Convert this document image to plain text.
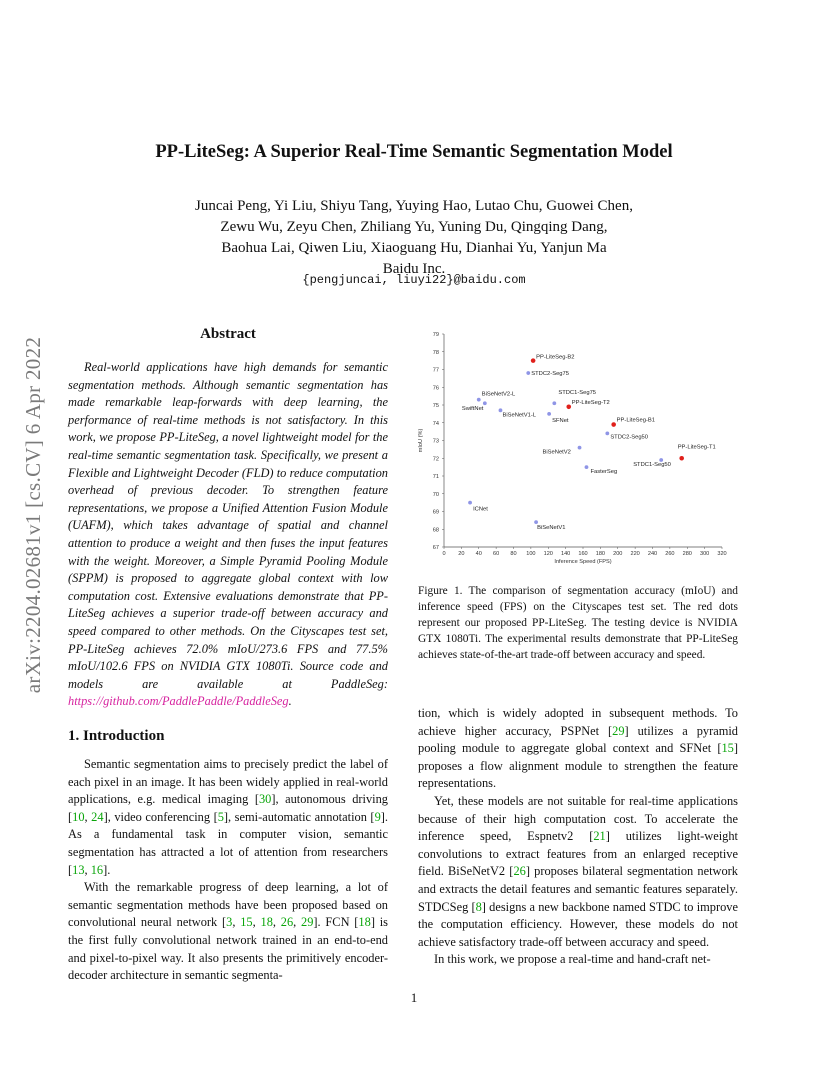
arXiv:2204.02681v1 [cs.CV] 6 Apr 2022
PP-LiteSeg: A Superior Real-Time Semantic Segmentation Model
Juncai Peng, Yi Liu, Shiyu Tang, Yuying Hao, Lutao Chu, Guowei Chen,
Zewu Wu, Zeyu Chen, Zhiliang Yu, Yuning Du, Qingqing Dang,
Baohua Lai, Qiwen Liu, Xiaoguang Hu, Dianhai Yu, Yanjun Ma
Baidu Inc.
{pengjuncai, liuyi22}@baidu.com
Abstract

Real-world applications have high demands for semantic segmentation methods. Although semantic segmentation has made remarkable leap-forwards with deep learning, the performance of real-time methods is not satisfactory. In this work, we propose PP-LiteSeg, a novel lightweight model for the real-time semantic segmentation task. Specifically, we present a Flexible and Lightweight Decoder (FLD) to reduce computation overhead of previous decoder. To strengthen feature representations, we propose a Unified Attention Fusion Module (UAFM), which takes advantage of spatial and channel attention to produce a weight and then fuses the input features with the weight. Moreover, a Simple Pyramid Pooling Module (SPPM) is proposed to aggregate global context with low computation cost. Extensive evaluations demonstrate that PP-LiteSeg achieves a superior trade-off between accuracy and speed compared to other methods. On the Cityscapes test set, PP-LiteSeg achieves 72.0% mIoU/273.6 FPS and 77.5% mIoU/102.6 FPS on NVIDIA GTX 1080Ti. Source code and models are available at PaddleSeg: https://github.com/PaddlePaddle/PaddleSeg.

1. Introduction

Semantic segmentation aims to precisely predict the label of each pixel in an image. It has been widely applied in real-world applications, e.g. medical imaging [30], autonomous driving [10, 24], video conferencing [5], semi-automatic annotation [9]. As a fundamental task in computer vision, semantic segmentation has attracted a lot of attention from researchers [13, 16].

With the remarkable progress of deep learning, a lot of semantic segmentation methods have been proposed based on convolutional neural network [3, 15, 18, 26, 29]. FCN [18] is the first fully convolutional network trained in an end-to-end and pixel-to-pixel way. It also presents the primitively encoder-decoder architecture in semantic segmenta-

0 20 40 60 80 100 120 140 160 180 200 220 240 260 280 300 320
67
68
69
70
71
72
73
74
75
76
77
78
79
PP-LiteSeg-B2
STDC2-Seg75
BiSeNetV2-L
SwiftNet
STDC1-Seg75
PP-LiteSeg-T2
BiSeNetV1-L
SFNet	PP-LiteSeg-B1
STDC2-Seg50
BiSeNetV2
PP-LiteSeg-T1
STDC1-Seg50
FasterSeg
ICNet
BiSeNetV1
Inference Speed (FPS)
mIoU (%)
Figure 1. The comparison of segmentation accuracy (mIoU) and inference speed (FPS) on the Cityscapes test set. The red dots represent our proposed PP-LiteSeg. The testing device is NVIDIA GTX 1080Ti. The experimental results demonstrate that PP-LiteSeg achieves state-of-the-art trade-off between accuracy and speed.

tion, which is widely adopted in subsequent methods. To achieve higher accuracy, PSPNet [29] utilizes a pyramid pooling module to aggregate global context and SFNet [15] proposes a flow alignment module to strengthen the feature representations.

Yet, these models are not suitable for real-time applications because of their high computation cost. To accelerate the inference speed, Espnetv2 [21] utilizes light-weight convolutions to extract features from an enlarged receptive field. BiSeNetV2 [26] proposes bilateral segmentation network and extracts the detail features and semantic features separately. STDCSeg [8] designs a new backbone named STDC to improve the computation efficiency. However, these models do not achieve satisfactory trade-off between accuracy and speed.

In this work, we propose a real-time and hand-craft net-

1
